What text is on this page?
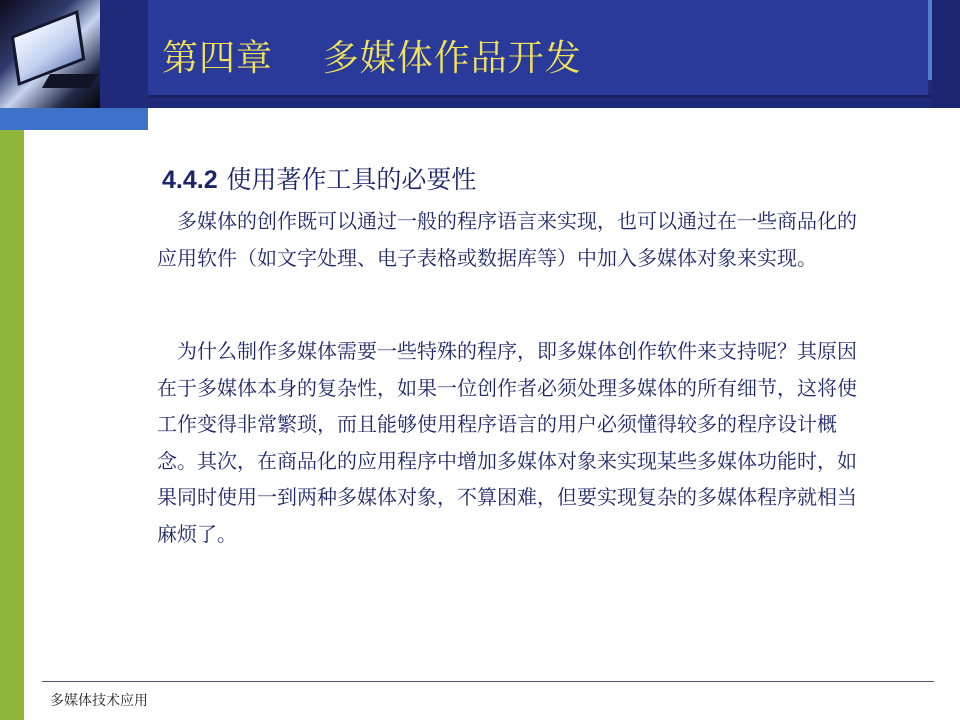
第四章    多媒体作品开发
4.4.2 使用著作工具的必要性
　多媒体的创作既可以通过一般的程序语言来实现，也可以通过在一些商品化的应用软件（如文字处理、电子表格或数据库等）中加入多媒体对象来实现。
　为什么制作多媒体需要一些特殊的程序，即多媒体创作软件来支持呢？其原因在于多媒体本身的复杂性，如果一位创作者必须处理多媒体的所有细节，这将使工作变得非常繁琐，而且能够使用程序语言的用户必须懂得较多的程序设计概念。其次，在商品化的应用程序中增加多媒体对象来实现某些多媒体功能时，如果同时使用一到两种多媒体对象，不算困难，但要实现复杂的多媒体程序就相当麻烦了。
多媒体技术应用
